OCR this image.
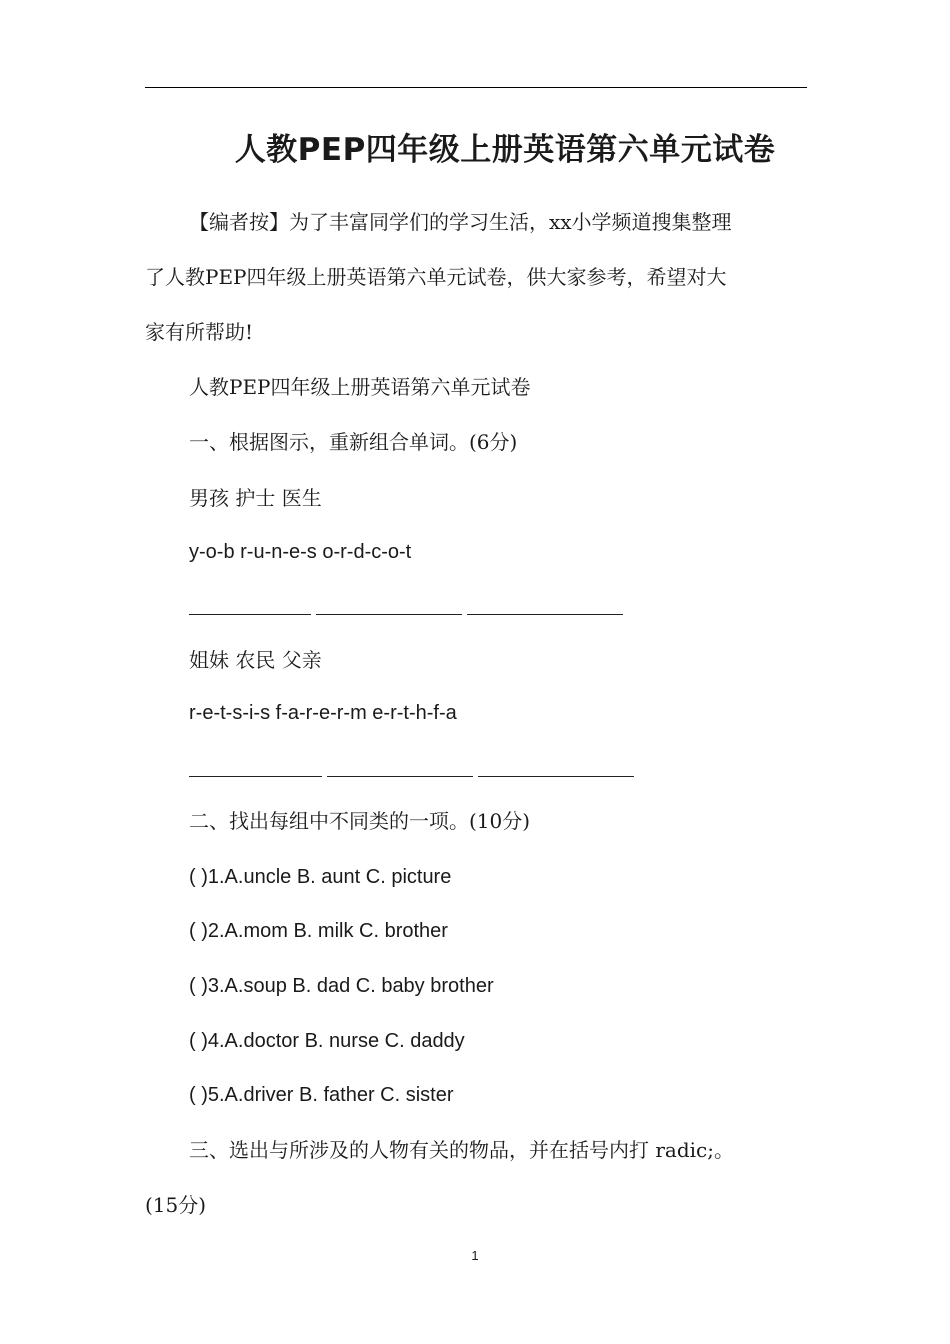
人教PEP四年级上册英语第六单元试卷
【编者按】为了丰富同学们的学习生活，xx小学频道搜集整理
了人教PEP四年级上册英语第六单元试卷，供大家参考，希望对大
家有所帮助!
人教PEP四年级上册英语第六单元试卷
一、根据图示，重新组合单词。(6分)
男孩 护士 医生
y-o-b r-u-n-e-s o-r-d-c-o-t
姐妹 农民 父亲
r-e-t-s-i-s f-a-r-e-r-m e-r-t-h-f-a
二、找出每组中不同类的一项。(10分)
( )1.A.uncle B. aunt C. picture
( )2.A.mom B. milk C. brother
( )3.A.soup B. dad C. baby brother
( )4.A.doctor B. nurse C. daddy
( )5.A.driver B. father C. sister
三、选出与所涉及的人物有关的物品，并在括号内打 radic;。
(15分)
1
